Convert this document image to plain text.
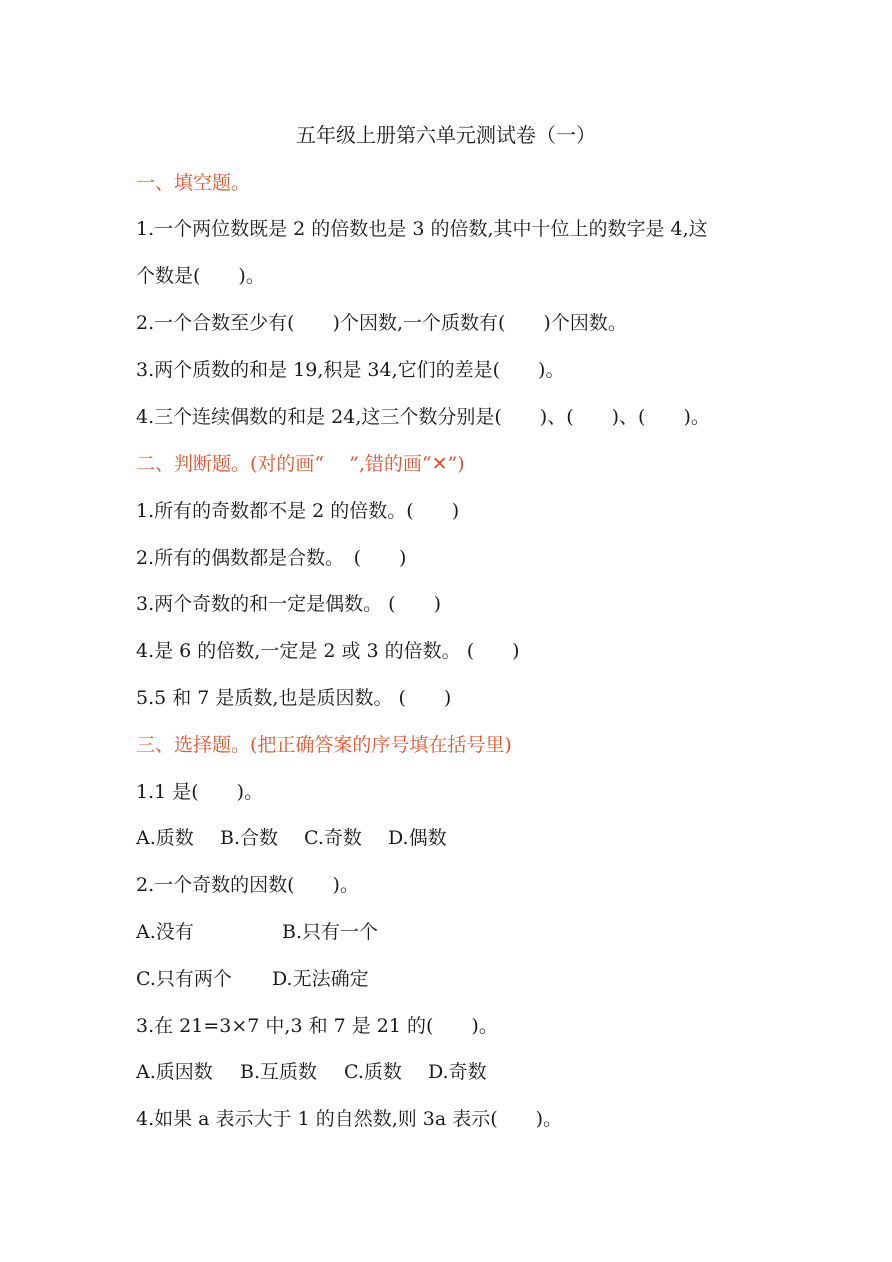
五年级上册第六单元测试卷（一）
一、填空题。
1.一个两位数既是 2 的倍数也是 3 的倍数,其中十位上的数字是 4,这
个数是(　　)。
2.一个合数至少有(　　)个因数,一个质数有(　　)个因数。
3.两个质数的和是 19,积是 34,它们的差是(　　)。
4.三个连续偶数的和是 24,这三个数分别是(　　)、(　　)、(　　)。
二、判断题。(对的画“　 ”,错的画“✕”)
1.所有的奇数都不是 2 的倍数。(　　)
2.所有的偶数都是合数。　(　　)
3.两个奇数的和一定是偶数。 (　　)
4.是 6 的倍数,一定是 2 或 3 的倍数。 (　　)
5.5 和 7 是质数,也是质因数。 (　　)
三、选择题。(把正确答案的序号填在括号里)
1.1 是(　　)。
A.质数 B.合数 C.奇数 D.偶数
2.一个奇数的因数(　　)。
A.没有	B.只有一个
C.只有两个 D.无法确定
3.在 21=3×7 中,3 和 7 是 21 的(　　)。
A.质因数 B.互质数 C.质数 D.奇数
4.如果 a 表示大于 1 的自然数,则 3a 表示(　　)。
